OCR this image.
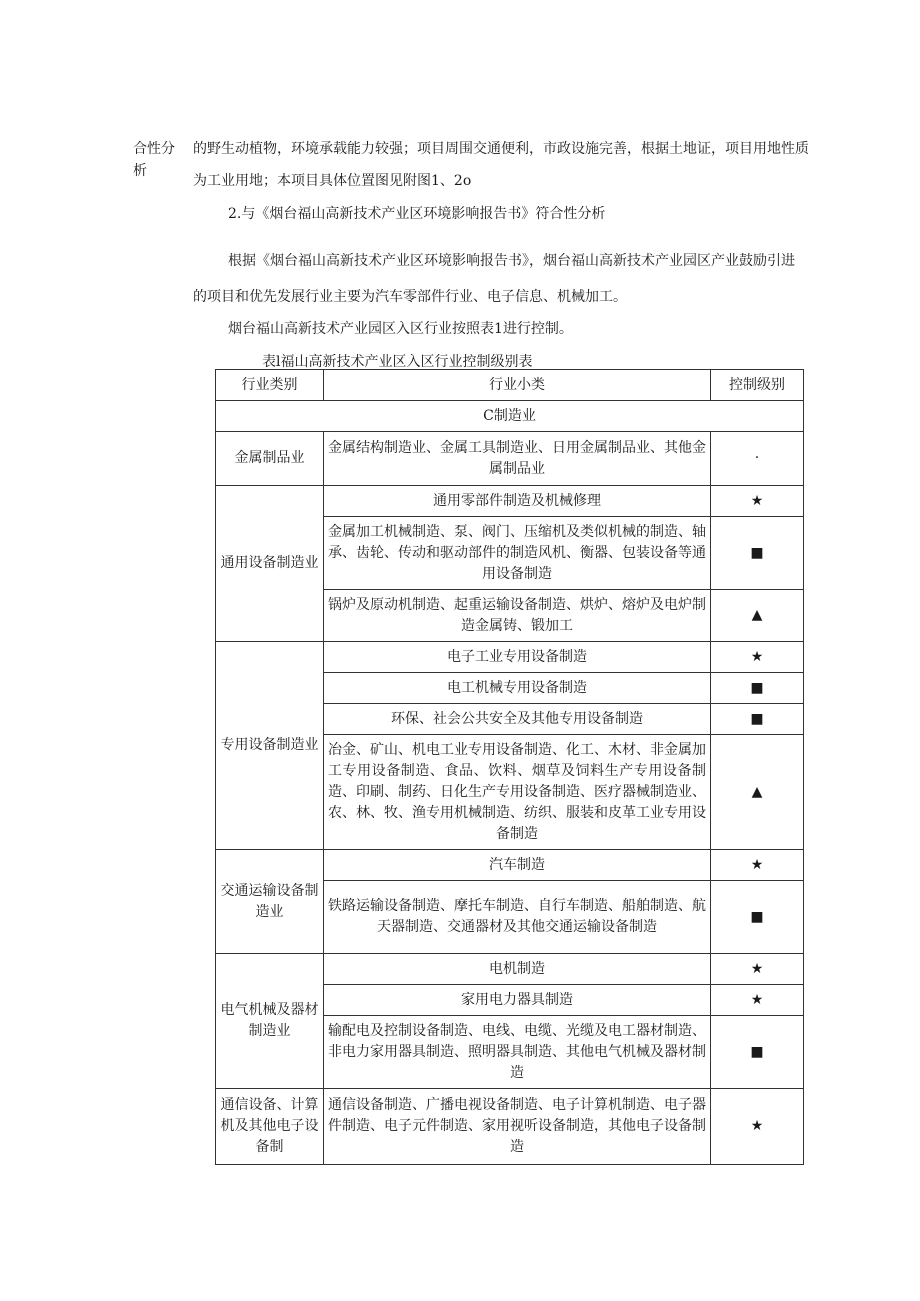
合性分析
的野生动植物，环境承载能力较强；项目周围交通便利，市政设施完善，根据土地证，项目用地性质
为工业用地；本项目具体位置图见附图1、2o
2.与《烟台福山高新技术产业区环境影响报告书》符合性分析
根据《烟台福山高新技术产业区环境影响报告书》，烟台福山高新技术产业园区产业鼓励引进
的项目和优先发展行业主要为汽车零部件行业、电子信息、机械加工。
烟台福山高新技术产业园区入区行业按照表1进行控制。
表l福山高新技术产业区入区行业控制级别表
行业类别	行业小类	控制级别
C制造业		
金属制品业	金属结构制造业、金属工具制造业、日用金属制品业、其他金属制品业	·
通用设备制造业	通用零部件制造及机械修理	★
	金属加工机械制造、泵、阀门、压缩机及类似机械的制造、轴承、齿轮、传动和驱动部件的制造风机、衡器、包装设备等通用设备制造	■
	锅炉及原动机制造、起重运输设备制造、烘炉、熔炉及电炉制造金属铸、锻加工	▲
专用设备制造业	电子工业专用设备制造	★
	电工机械专用设备制造	■
	环保、社会公共安全及其他专用设备制造	■
	冶金、矿山、机电工业专用设备制造、化工、木材、非金属加工专用设备制造、食品、饮料、烟草及饲料生产专用设备制造、印刷、制药、日化生产专用设备制造、医疗器械制造业、农、林、牧、渔专用机械制造、纺织、服装和皮革工业专用设备制造	▲
交通运输设备制造业	汽车制造	★
	铁路运输设备制造、摩托车制造、自行车制造、船舶制造、航天器制造、交通器材及其他交通运输设备制造	■
电气机械及器材制造业	电机制造	★
	家用电力器具制造	★
	输配电及控制设备制造、电线、电缆、光缆及电工器材制造、非电力家用器具制造、照明器具制造、其他电气机械及器材制造	■
通信设备、计算机及其他电子设备制	通信设备制造、广播电视设备制造、电子计算机制造、电子器件制造、电子元件制造、家用视听设备制造，其他电子设备制造	★
